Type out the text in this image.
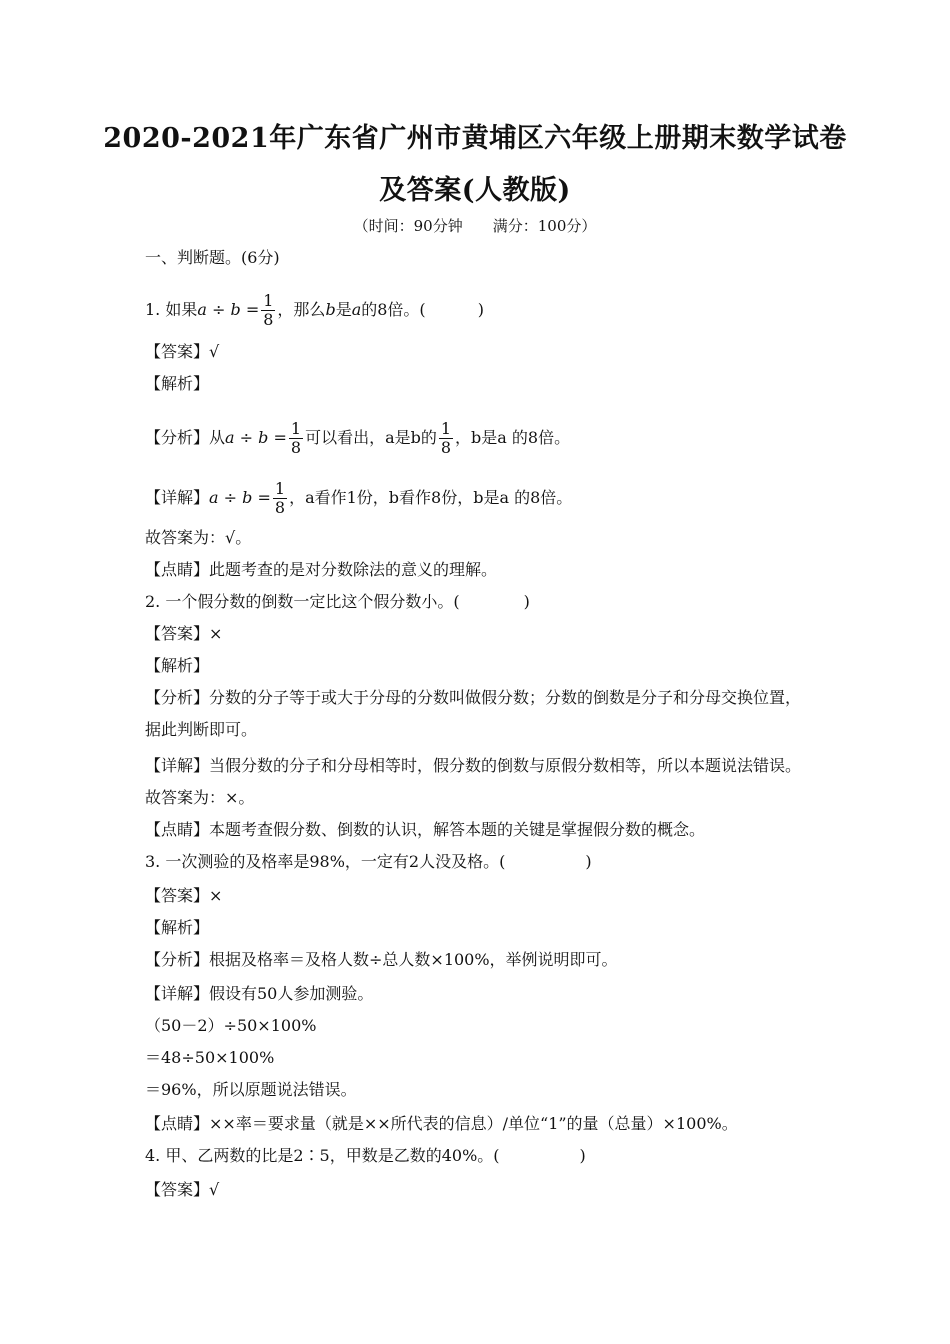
2020-2021年广东省广州市黄埔区六年级上册期末数学试卷
及答案(人教版)
（时间：90分钟　　满分：100分）
一、判断题。(6分)
1. 如果$a \div b = \frac{1}{8}$ ，那么b是a的8倍。(	)
【答案】√
【解析】
【分析】从$a \div b = \frac{1}{8}$ 可以看出，a是b的 $\frac{1}{8}$ ，b是a 的8倍。
【详解】$a \div b = \frac{1}{8}$ ，a看作1份，b看作8份，b是a 的8倍。
故答案为：√。
【点睛】此题考查的是对分数除法的意义的理解。
2. 一个假分数的倒数一定比这个假分数小。(　　　　)
【答案】×
【解析】
【分析】分数的分子等于或大于分母的分数叫做假分数；分数的倒数是分子和分母交换位置，据此判断即可。
【详解】当假分数的分子和分母相等时，假分数的倒数与原假分数相等，所以本题说法错误。
故答案为：×。
【点睛】本题考查假分数、倒数的认识，解答本题的关键是掌握假分数的概念。
3. 一次测验的及格率是98%，一定有2人没及格。(　　　　　)
【答案】×
【解析】
【分析】根据及格率＝及格人数÷总人数×100%，举例说明即可。
【详解】假设有50人参加测验。
（50－2）÷50×100%
＝48÷50×100%
＝96%，所以原题说法错误。
【点睛】××率＝要求量（就是××所代表的信息）/单位“1”的量（总量）×100%。
4. 甲、乙两数的比是2∶5，甲数是乙数的40%。(　　　　　)
【答案】√
